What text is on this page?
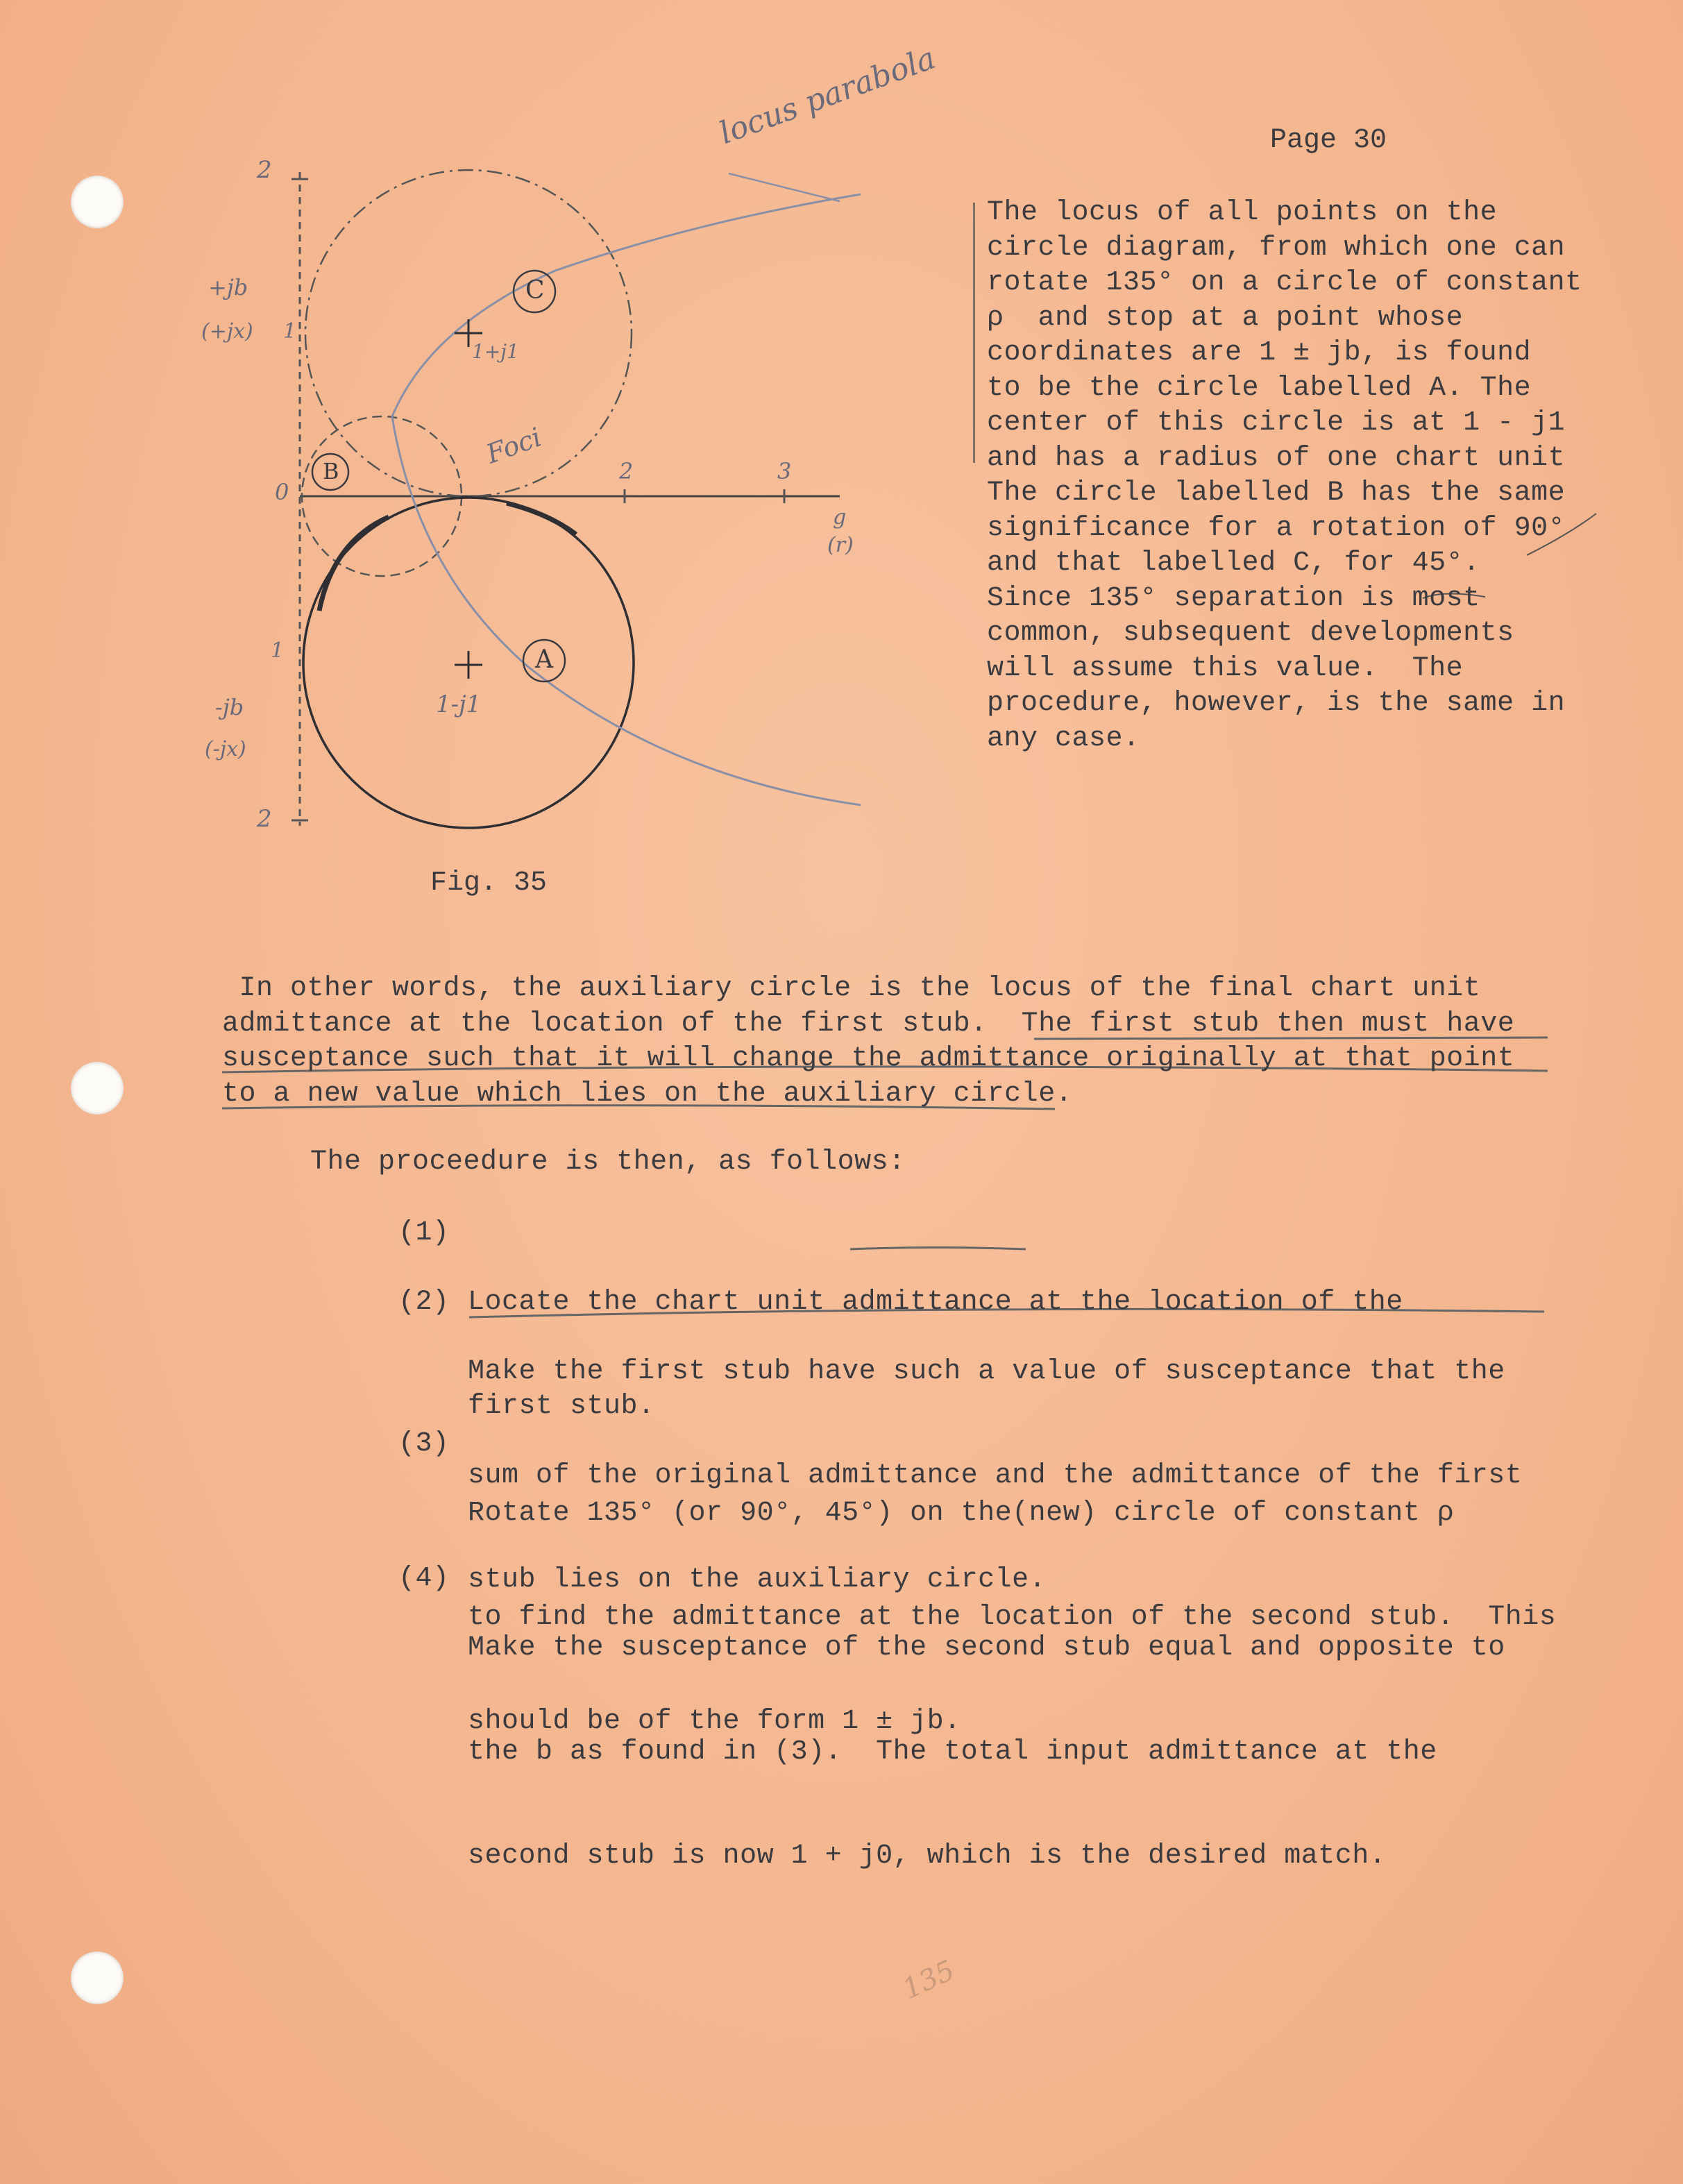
Page 30
locus parabola
Foci
C
B
A
1+j1
1-j1
2
+jb
(+jx) 1
0
1
-jb
(-jx)
2
2	3
g
(r)
Fig. 35
The locus of all points on the
circle diagram, from which one can
rotate 135° on a circle of constant
ρ  and stop at a point whose
coordinates are 1 ± jb, is found
to be the circle labelled A. The
center of this circle is at 1 - j1
and has a radius of one chart unit
The circle labelled B has the same
significance for a rotation of 90°
and that labelled C, for 45°.
Since 135° separation is most
common, subsequent developments
will assume this value.  The
procedure, however, is the same in
any case.
In other words, the auxiliary circle is the locus of the final chart unit
admittance at the location of the first stub.  The first stub then must have
susceptance such that it will change the admittance originally at that point
to a new value which lies on the auxiliary circle.
The proceedure is then, as follows:
(1)

Locate the chart unit admittance at the location of the

first stub.

(2)

Make the first stub have such a value of susceptance that the

sum of the original admittance and the admittance of the first

stub lies on the auxiliary circle.

(3)

Rotate 135° (or 90°, 45°) on the(new) circle of constant ρ

to find the admittance at the location of the second stub.  This

should be of the form 1 ± jb.

(4)

Make the susceptance of the second stub equal and opposite to

the b as found in (3).  The total input admittance at the

second stub is now 1 + j0, which is the desired match.

135
